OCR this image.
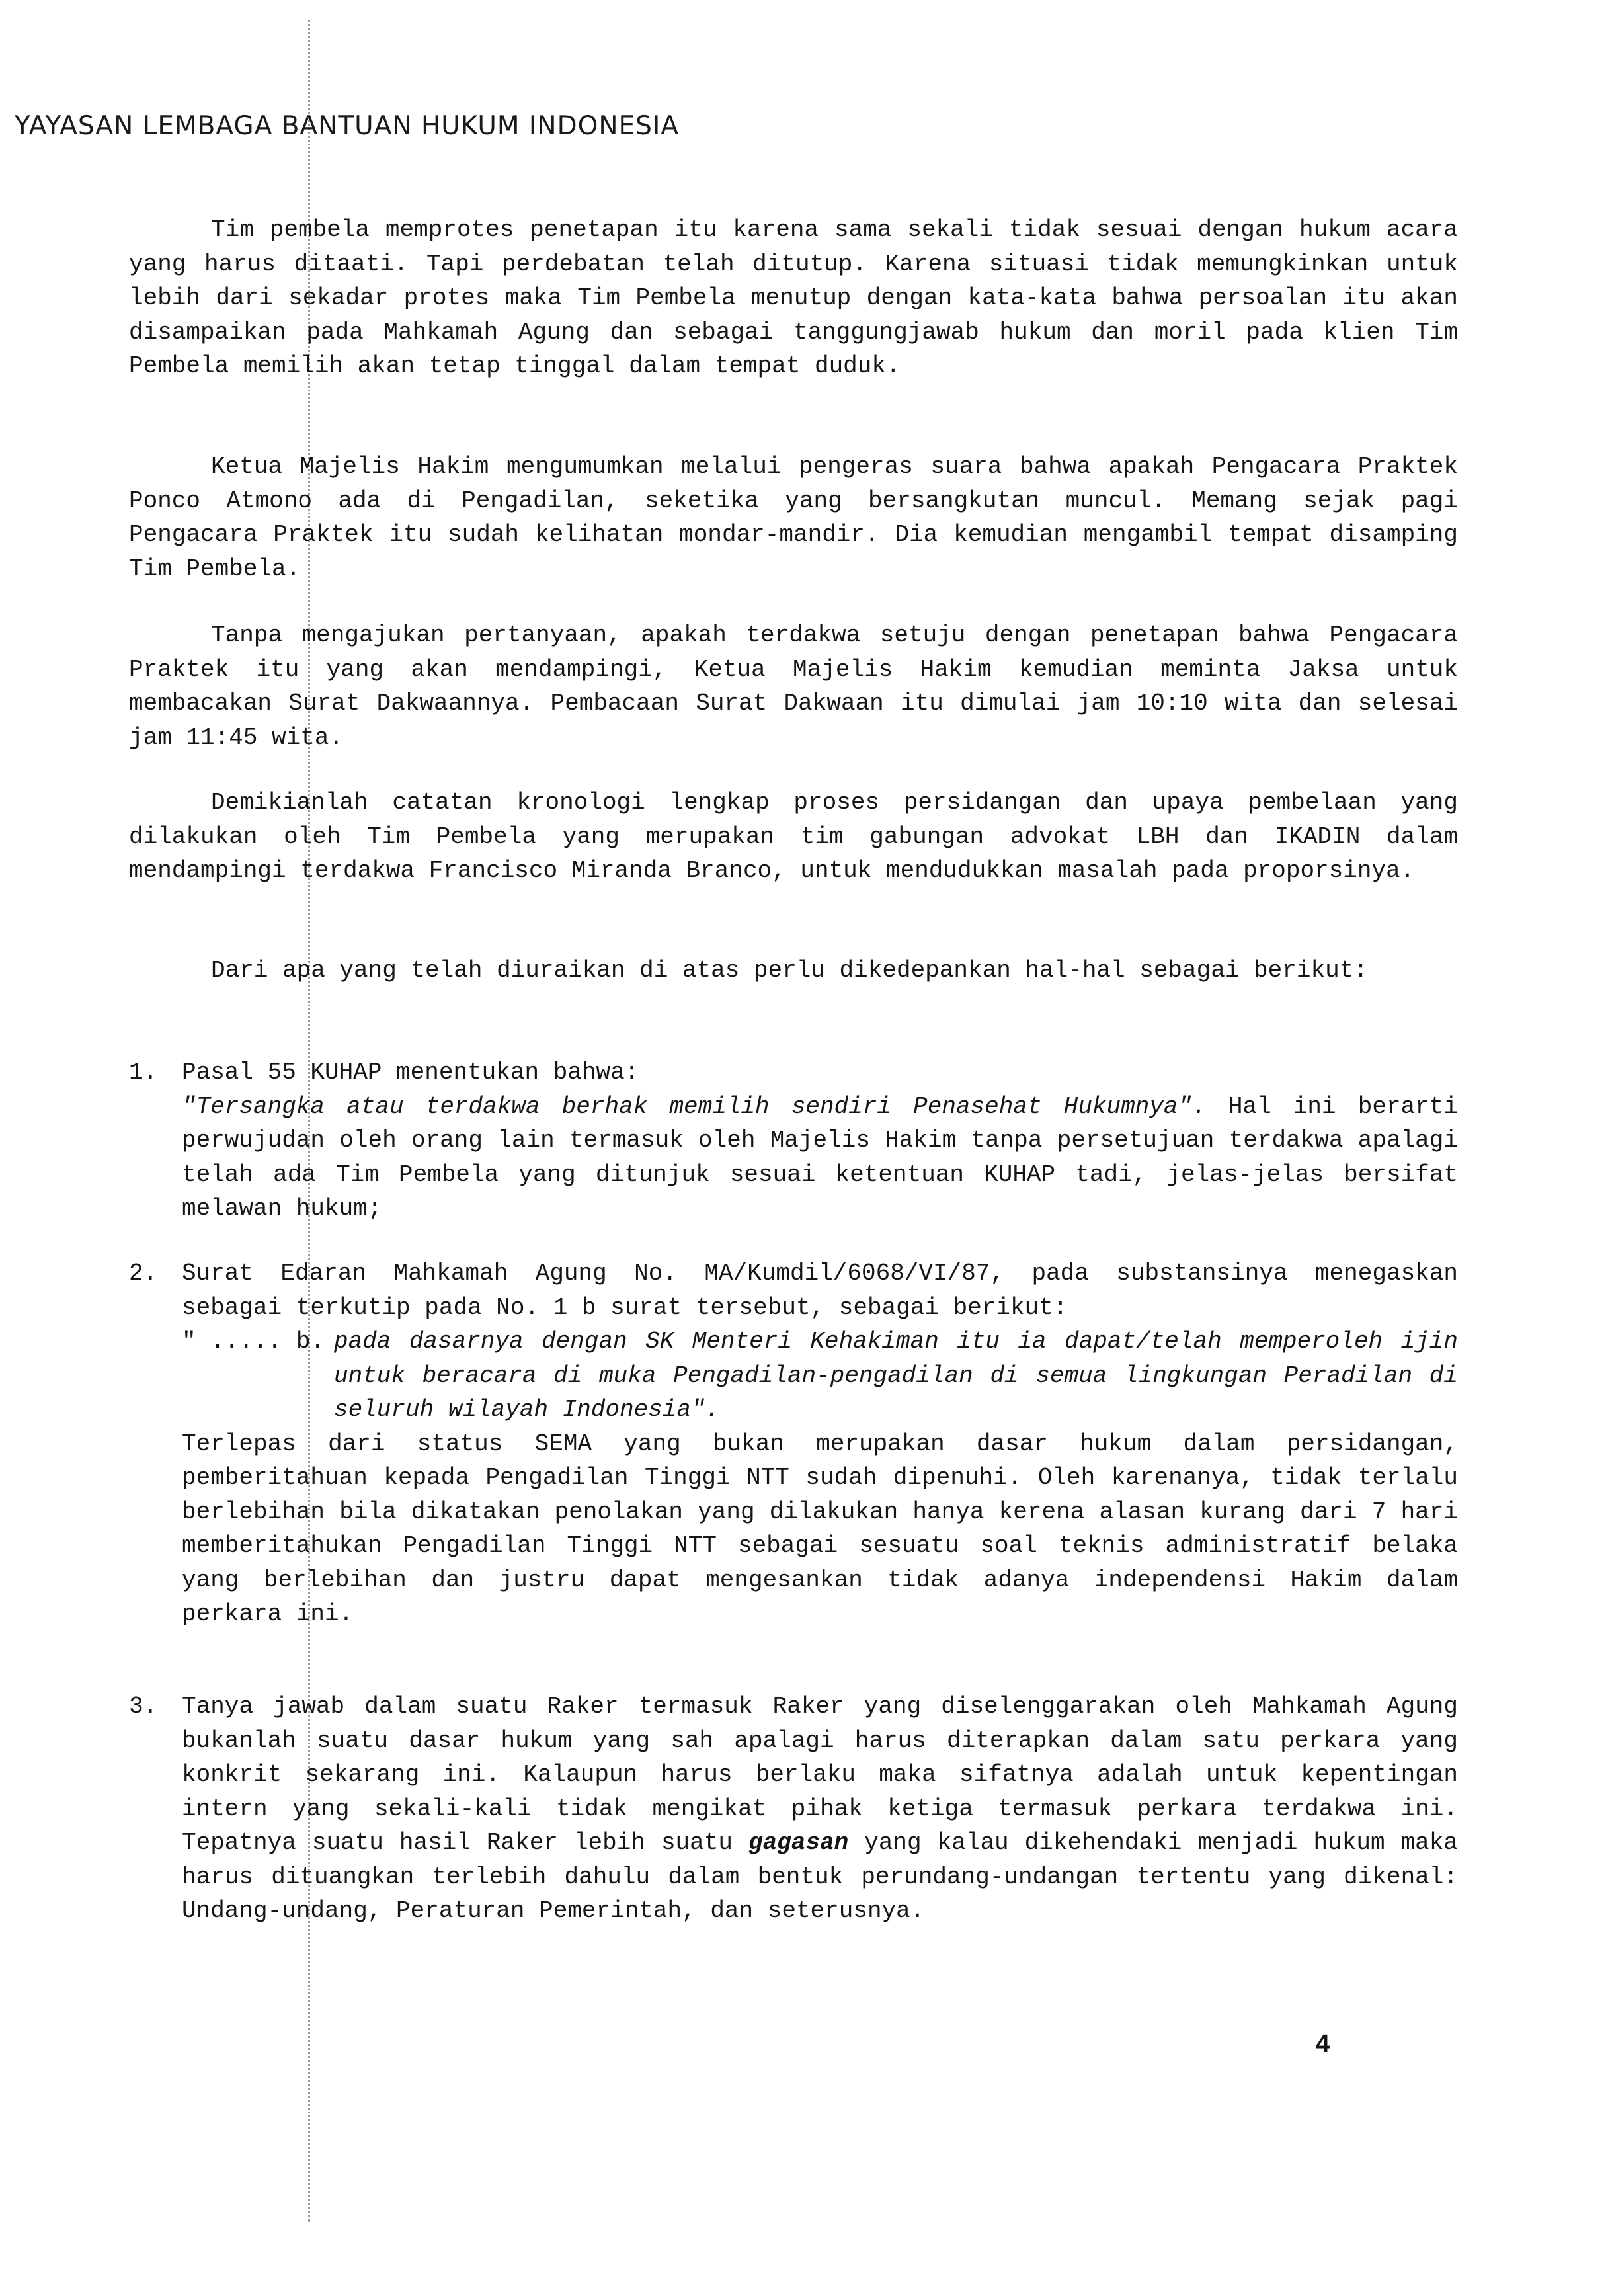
YAYASAN LEMBAGA BANTUAN HUKUM INDONESIA

Tim pembela memprotes penetapan itu karena sama sekali tidak sesuai dengan hukum acara yang harus ditaati. Tapi perdebatan telah ditutup. Karena situasi tidak memungkinkan untuk lebih dari sekadar protes maka Tim Pembela menutup dengan kata-kata bahwa persoalan itu akan disampaikan pada Mahkamah Agung dan sebagai tanggungjawab hukum dan moril pada klien Tim Pembela memilih akan tetap tinggal dalam tempat duduk.

Ketua Majelis Hakim mengumumkan melalui pengeras suara bahwa apakah Pengacara Praktek Ponco Atmono ada di Pengadilan, seketika yang bersangkutan muncul. Memang sejak pagi Pengacara Praktek itu sudah kelihatan mondar-mandir. Dia kemudian mengambil tempat disamping Tim Pembela.

Tanpa mengajukan pertanyaan, apakah terdakwa setuju dengan penetapan bahwa Pengacara Praktek itu yang akan mendampingi, Ketua Majelis Hakim kemudian meminta Jaksa untuk membacakan Surat Dakwaannya. Pembacaan Surat Dakwaan itu dimulai jam 10:10 wita dan selesai jam 11:45 wita.

Demikianlah catatan kronologi lengkap proses persidangan dan upaya pembelaan yang dilakukan oleh Tim Pembela yang merupakan tim gabungan advokat LBH dan IKADIN dalam mendampingi terdakwa Francisco Miranda Branco, untuk mendudukkan masalah pada proporsinya.

Dari apa yang telah diuraikan di atas perlu dikedepankan hal-hal sebagai berikut:

1. Pasal 55 KUHAP menentukan bahwa:
"Tersangka atau terdakwa berhak memilih sendiri Penasehat Hukumnya". Hal ini berarti perwujudan oleh orang lain termasuk oleh Majelis Hakim tanpa persetujuan terdakwa apalagi telah ada Tim Pembela yang ditunjuk sesuai ketentuan KUHAP tadi, jelas-jelas bersifat melawan hukum;
2. Surat Edaran Mahkamah Agung No. MA/Kumdil/6068/VI/87, pada substansinya menegaskan sebagai terkutip pada No. 1 b surat tersebut, sebagai berikut:
" ..... b. pada dasarnya dengan SK Menteri Kehakiman itu ia dapat/telah memperoleh ijin untuk beracara di muka Pengadilan-pengadilan di semua lingkungan Peradilan di seluruh wilayah Indonesia".
Terlepas dari status SEMA yang bukan merupakan dasar hukum dalam persidangan, pemberitahuan kepada Pengadilan Tinggi NTT sudah dipenuhi. Oleh karenanya, tidak terlalu berlebihan bila dikatakan penolakan yang dilakukan hanya kerena alasan kurang dari 7 hari memberitahukan Pengadilan Tinggi NTT sebagai sesuatu soal teknis administratif belaka yang berlebihan dan justru dapat mengesankan tidak adanya independensi Hakim dalam perkara ini.
3. Tanya jawab dalam suatu Raker termasuk Raker yang diselenggarakan oleh Mahkamah Agung bukanlah suatu dasar hukum yang sah apalagi harus diterapkan dalam satu perkara yang konkrit sekarang ini. Kalaupun harus berlaku maka sifatnya adalah untuk kepentingan intern yang sekali-kali tidak mengikat pihak ketiga termasuk perkara terdakwa ini. Tepatnya suatu hasil Raker lebih suatu gagasan yang kalau dikehendaki menjadi hukum maka harus dituangkan terlebih dahulu dalam bentuk perundang-undangan tertentu yang dikenal: Undang-undang, Peraturan Pemerintah, dan seterusnya.
4
